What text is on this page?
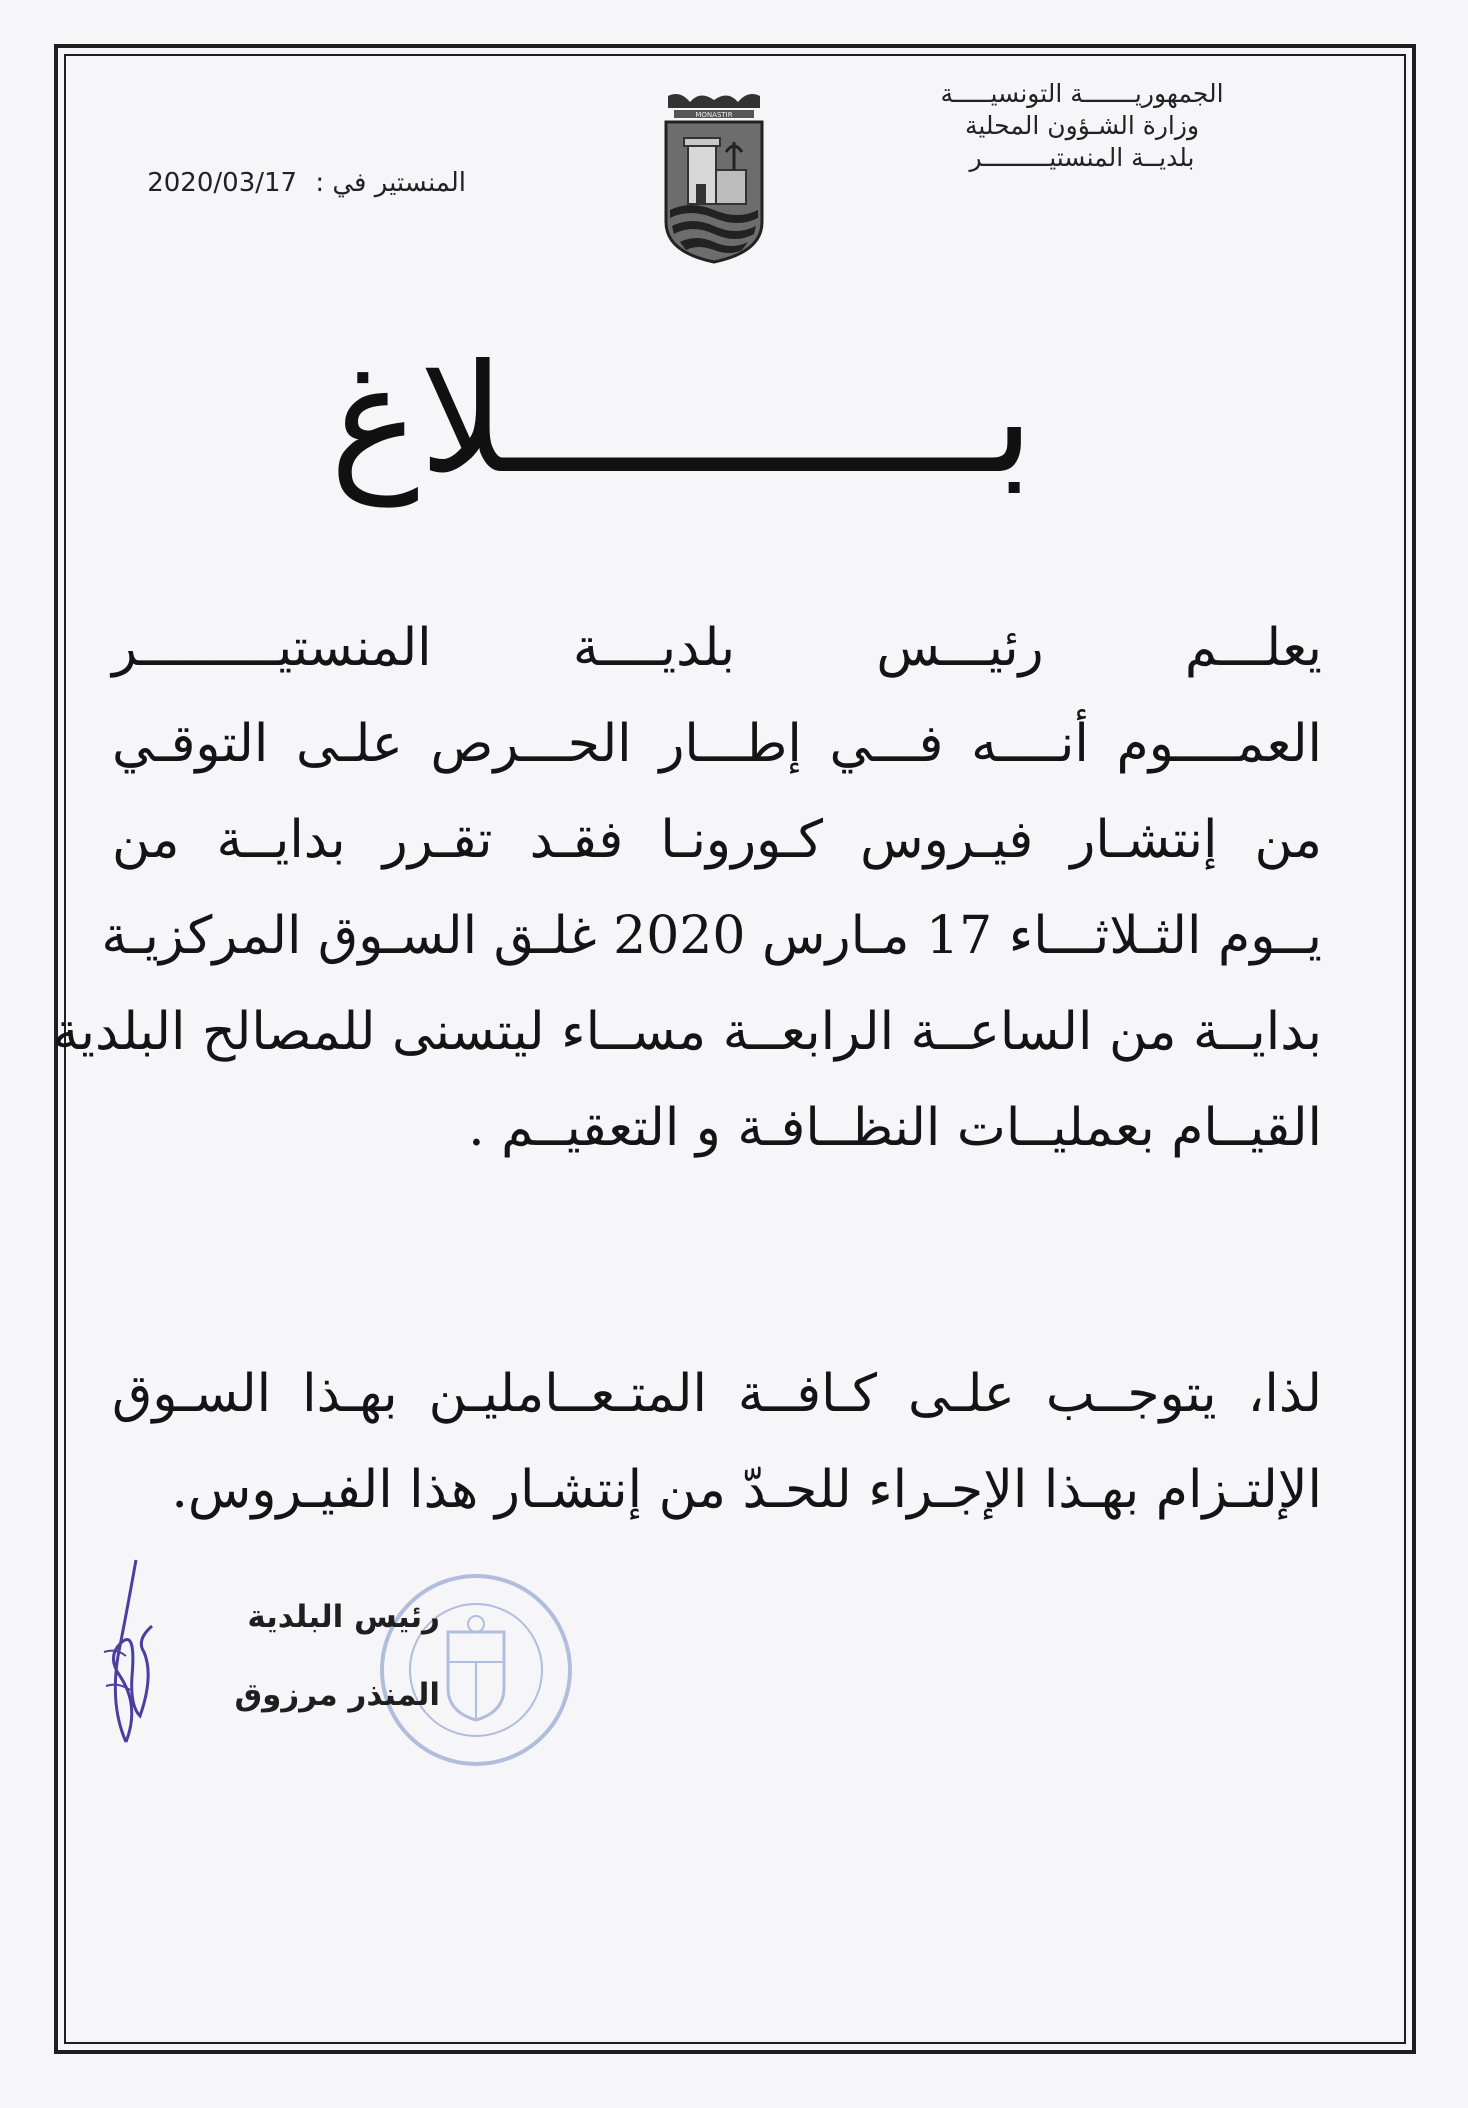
الجمهوريـــــــة التونسيـــــة
وزارة الشـؤون المحلية
بلديــة المنستيـــــــــر
MONASTIR
المنستير في : 2020/03/17
بـــــــــــلاغ
يعلـــم رئيـــس بلديــــة المنستيـــــــــر
العمــــوم أنــــه فـــي إطـــار الحـــرص علـى التوقـي
من إنتشـار فيـروس كـورونـا فقـد تقـرر بدايــة من
يــوم الثـلاثـــاء 17 مـارس 2020 غلـق السـوق المركزيـة
بدايــة من الساعــة الرابعــة مســاء ليتسنى للمصالح البلدية
القيــام بعمليــات النظــافـة و التعقيــم .
لذا، يتوجــب علـى كـافــة المتـعــامليـن بهـذا السـوق
الإلتـزام بهـذا الإجـراء للحـدّ من إنتشـار هذا الفيـروس.
رئيس البلدية
المنذر مرزوق
